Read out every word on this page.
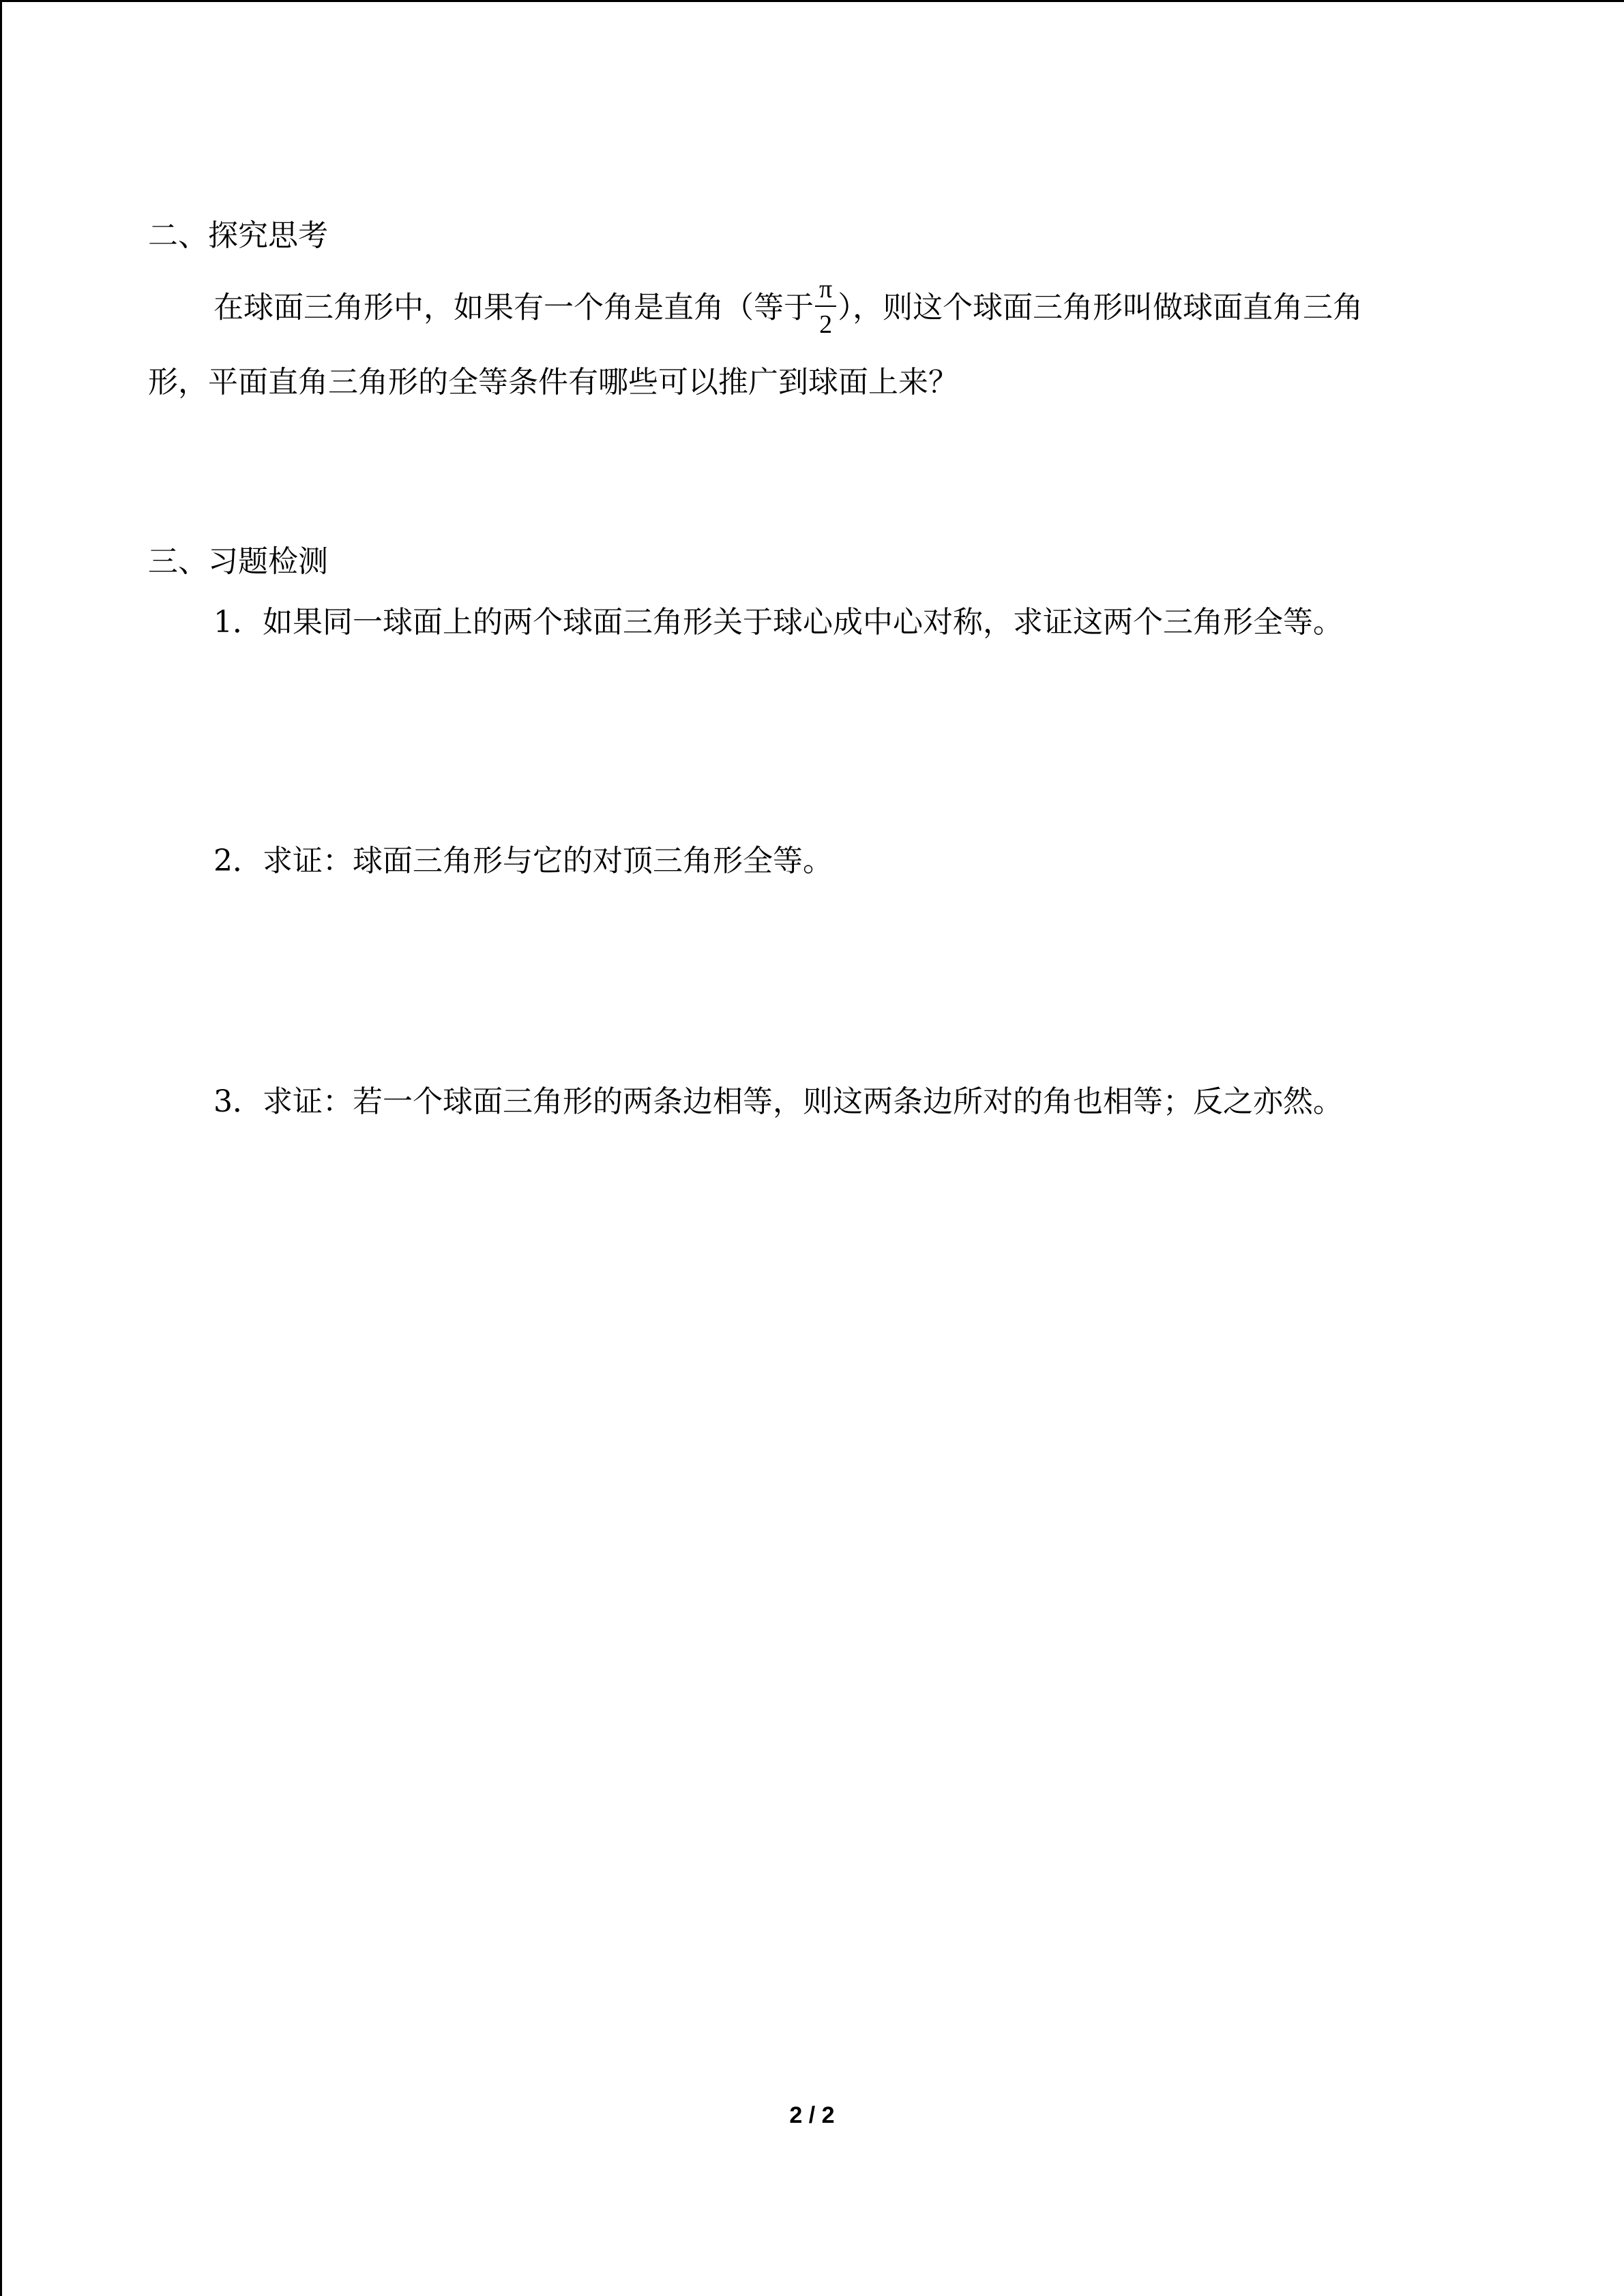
二、探究思考
在球面三角形中，如果有一个角是直角（等于 $\frac{\pi}{2}$ ），则这个球面三角形叫做球面直角三角
形，平面直角三角形的全等条件有哪些可以推广到球面上来？
三、习题检测
1．如果同一球面上的两个球面三角形关于球心成中心对称，求证这两个三角形全等。
2．求证：球面三角形与它的对顶三角形全等。
3．求证：若一个球面三角形的两条边相等，则这两条边所对的角也相等；反之亦然。
2 / 2
